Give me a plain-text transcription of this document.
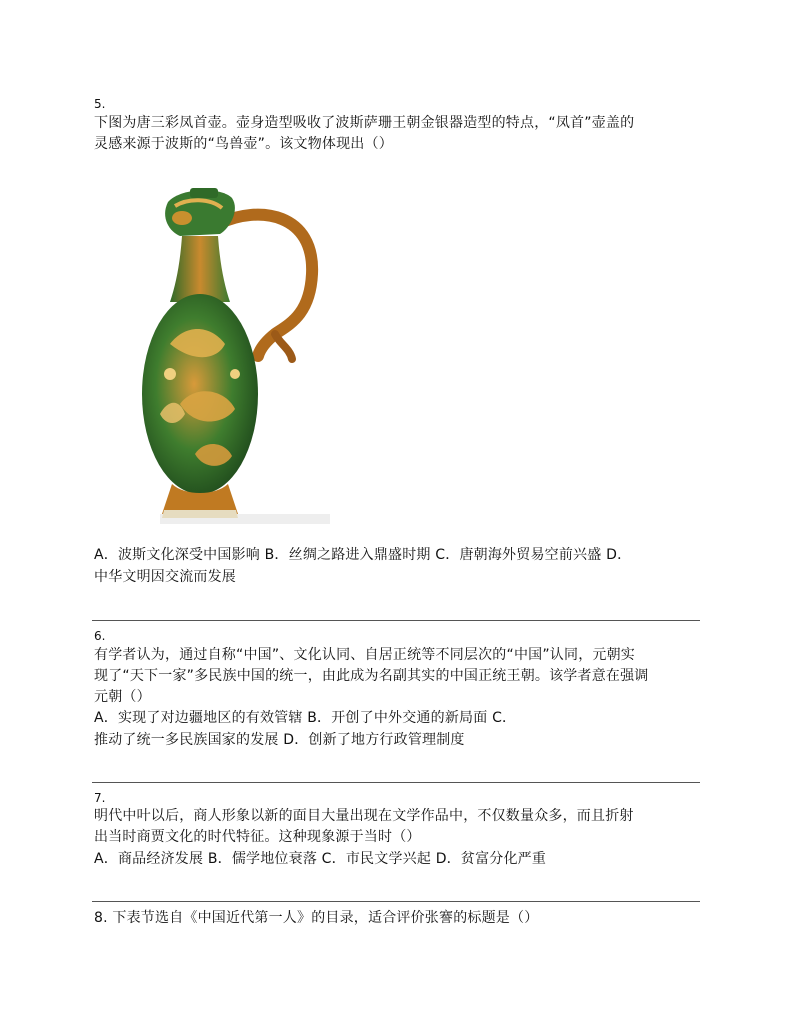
5.
下图为唐三彩凤首壶。壶身造型吸收了波斯萨珊王朝金银器造型的特点，“凤首”壶盖的
灵感来源于波斯的“鸟兽壶”。该文物体现出（）
A．波斯文化深受中国影响 B．丝绸之路进入鼎盛时期 C．唐朝海外贸易空前兴盛 D．
中华文明因交流而发展
6.
有学者认为，通过自称“中国”、文化认同、自居正统等不同层次的“中国”认同，元朝实
现了“天下一家”多民族中国的统一，由此成为名副其实的中国正统王朝。该学者意在强调
元朝（）
A．实现了对边疆地区的有效管辖 B．开创了中外交通的新局面 C．
推动了统一多民族国家的发展 D．创新了地方行政管理制度
7.
明代中叶以后，商人形象以新的面目大量出现在文学作品中，不仅数量众多，而且折射
出当时商贾文化的时代特征。这种现象源于当时（）
A．商品经济发展 B．儒学地位衰落 C．市民文学兴起 D．贫富分化严重
8. 下表节选自《中国近代第一人》的目录，适合评价张謇的标题是（）
